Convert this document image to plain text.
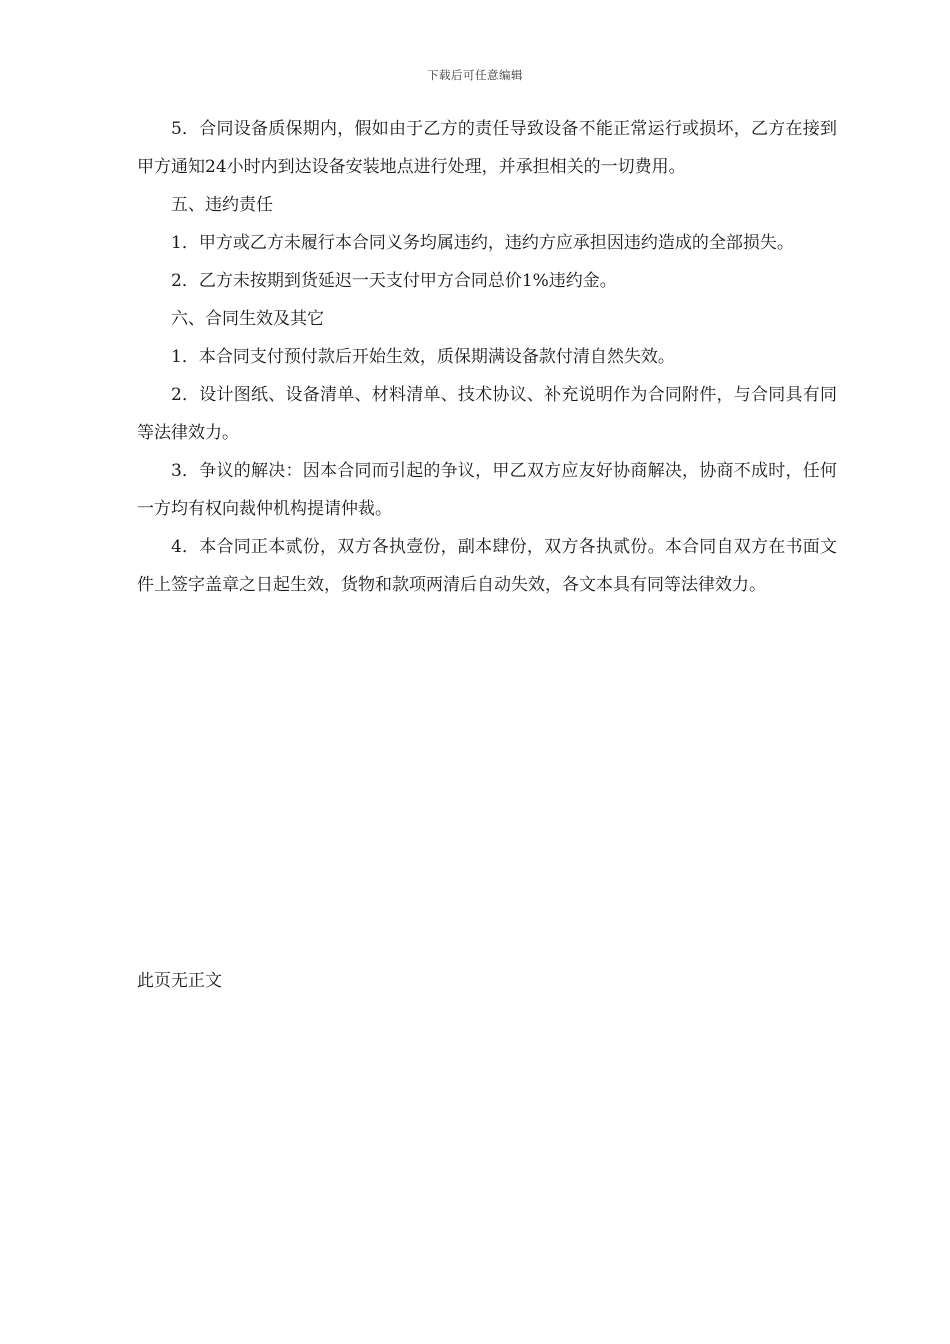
下载后可任意编辑

5．合同设备质保期内，假如由于乙方的责任导致设备不能正常运行或损坏，乙方在接到甲方通知24小时内到达设备安装地点进行处理，并承担相关的一切费用。

五、违约责任

1．甲方或乙方未履行本合同义务均属违约，违约方应承担因违约造成的全部损失。

2．乙方未按期到货延迟一天支付甲方合同总价1%违约金。

六、合同生效及其它

1．本合同支付预付款后开始生效，质保期满设备款付清自然失效。

2．设计图纸、设备清单、材料清单、技术协议、补充说明作为合同附件，与合同具有同等法律效力。

3．争议的解决：因本合同而引起的争议，甲乙双方应友好协商解决，协商不成时，任何一方均有权向裁仲机构提请仲裁。

4．本合同正本贰份，双方各执壹份，副本肆份，双方各执贰份。本合同自双方在书面文件上签字盖章之日起生效，货物和款项两清后自动失效，各文本具有同等法律效力。

此页无正文
